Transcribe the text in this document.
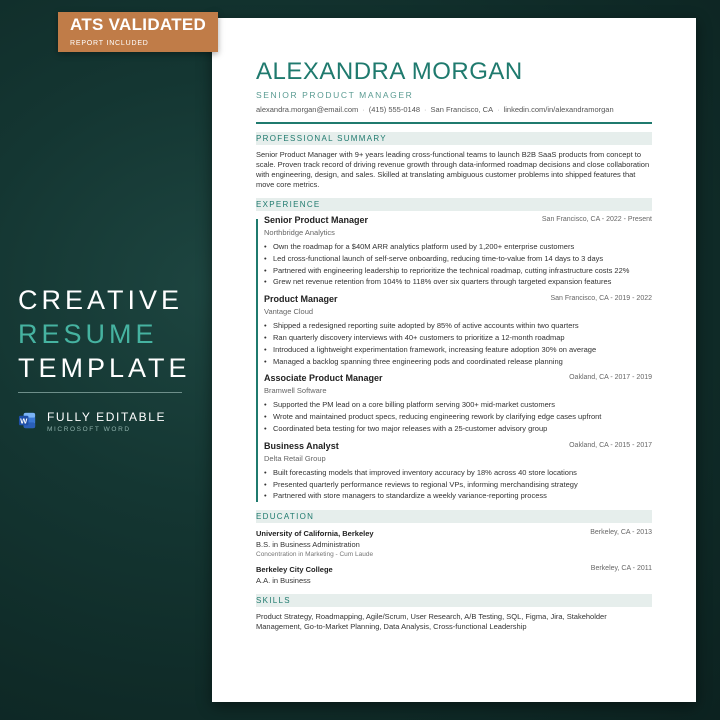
ATS VALIDATED
REPORT INCLUDED
CREATIVE
RESUME
TEMPLATE
W FULLY EDITABLE
MICROSOFT WORD
ALEXANDRA MORGAN
SENIOR PRODUCT MANAGER
alexandra.morgan@email.com · (415) 555-0148 · San Francisco, CA · linkedin.com/in/alexandramorgan
PROFESSIONAL SUMMARY
Senior Product Manager with 9+ years leading cross-functional teams to launch B2B SaaS products from concept to scale. Proven track record of driving revenue growth through data-informed roadmap decisions and close collaboration with engineering, design, and sales. Skilled at translating ambiguous customer problems into shipped features that move core metrics.
EXPERIENCE
Senior Product Manager	San Francisco, CA - 2022 - Present
Northbridge Analytics
• Own the roadmap for a $40M ARR analytics platform used by 1,200+ enterprise customers
• Led cross-functional launch of self-serve onboarding, reducing time-to-value from 14 days to 3 days
• Partnered with engineering leadership to reprioritize the technical roadmap, cutting infrastructure costs 22%
• Grew net revenue retention from 104% to 118% over six quarters through targeted expansion features
Product Manager	San Francisco, CA - 2019 - 2022
Vantage Cloud
• Shipped a redesigned reporting suite adopted by 85% of active accounts within two quarters
• Ran quarterly discovery interviews with 40+ customers to prioritize a 12-month roadmap
• Introduced a lightweight experimentation framework, increasing feature adoption 30% on average
• Managed a backlog spanning three engineering pods and coordinated release planning
Associate Product Manager	Oakland, CA - 2017 - 2019
Bramwell Software
• Supported the PM lead on a core billing platform serving 300+ mid-market customers
• Wrote and maintained product specs, reducing engineering rework by clarifying edge cases upfront
• Coordinated beta testing for two major releases with a 25-customer advisory group
Business Analyst	Oakland, CA - 2015 - 2017
Delta Retail Group
• Built forecasting models that improved inventory accuracy by 18% across 40 store locations
• Presented quarterly performance reviews to regional VPs, informing merchandising strategy
• Partnered with store managers to standardize a weekly variance-reporting process
EDUCATION
University of California, Berkeley	Berkeley, CA - 2013
B.S. in Business Administration
Concentration in Marketing - Cum Laude
Berkeley City College	Berkeley, CA - 2011
A.A. in Business
SKILLS
Product Strategy, Roadmapping, Agile/Scrum, User Research, A/B Testing, SQL, Figma, Jira, Stakeholder Management, Go-to-Market Planning, Data Analysis, Cross-functional Leadership
